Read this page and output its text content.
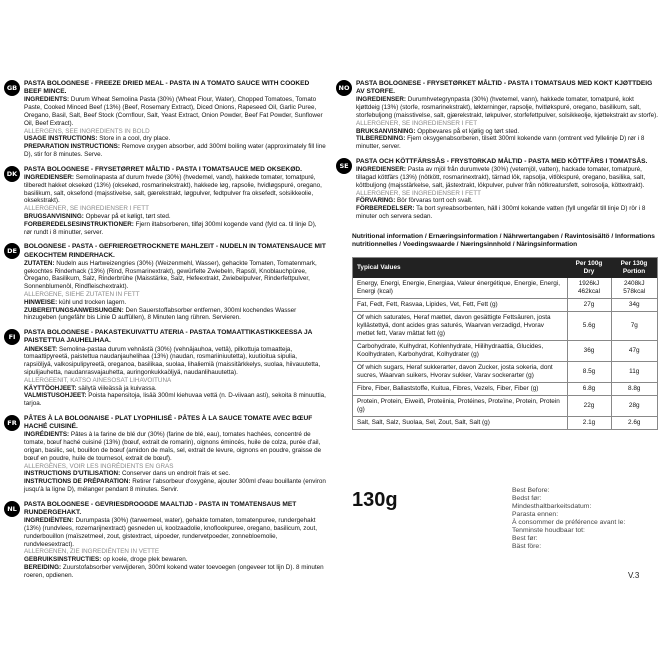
GB
PASTA BOLOGNESE - FREEZE DRIED MEAL - PASTA IN A TOMATO SAUCE WITH COOKED BEEF MINCE.
INGREDIENTS: Durum Wheat Semolina Pasta (30%) (Wheat Flour, Water), Chopped Tomatoes, Tomato Paste, Cooked Minced Beef (13%) (Beef, Rosemary Extract), Diced Onions, Rapeseed Oil, Garlic Puree, Oregano, Basil, Salt, Beef Stock (Cornflour, Salt, Yeast Extract, Onion Powder, Beef Fat Powder, Sunflower Oil, Beef Extract).
ALLERGENS, SEE INGREDIENTS IN BOLD
USAGE INSTRUCTIONS: Store in a cool, dry place.
PREPARATION INSTRUCTIONS: Remove oxygen absorber, add 300ml boiling water (approximately fill line D), stir for 8 minutes. Serve.
DK
PASTA BOLOGNESE - FRYSETØRRET MÅLTID - PASTA I TOMATSAUCE MED OKSEKØD.
INGREDIENSER: Semolinapasta af durum hvede (30%) (hvedemel, vand), hakkede tomater, tomatpuré, tilberedt hakket oksekød (13%) (oksekød, rosmarinekstrakt), hakkede løg, rapsolie, hvidløgspuré, oregano, basilikum, salt, oksefond (majsstivelse, salt, gærekstrakt, løgpulver, fedtpulver fra oksefedt, solsikkeolie, oksekstrakt).
ALLERGENER, SE INGREDIENSER I FETT
BRUGSANVISNING: Opbevar på et køligt, tørt sted.
FORBEREDELSESINSTRUKTIONER: Fjern iltabsorberen, tilføj 300ml kogende vand (fyld ca. til linje D), rør rundt i 8 minutter, server.
DE
BOLOGNESE - PASTA - GEFRIERGETROCKNETE MAHLZEIT - NUDELN IN TOMATENSAUCE MIT GEKOCHTEM RINDERHACK.
ZUTATEN: Nudeln aus Hartweizengries (30%) (Weizenmehl, Wasser), gehackte Tomaten, Tomatenmark, gekochtes Rinderhack (13%) (Rind, Rosmarinextrakt), gewürfelte Zwiebeln, Rapsöl, Knoblauchpüree, Oregano, Basilikum, Salz, Rinderbrühe (Maisstärke, Salz, Hefeextrakt, Zwiebelpulver, Rinderfettpulver, Sonnenblumenöl, Rindfleischextrakt).
ALLERGENE, SIEHE ZUTATEN IN FETT
HINWEISE: kühl und trocken lagern.
ZUBEREITUNGSANWEISUNGEN: Den Sauerstoffabsorber entfernen, 300ml kochendes Wasser hinzugeben (ungefähr bis Linie D auffüllen), 8 Minuten lang rühren. Servieren.
FI
PASTA BOLOGNESE - PAKASTEKUIVATTU ATERIA - PASTAA TOMAATTIKASTIKKEESSA JA PAISTETTUA JAUHELIHAA.
AINEKSET: Semolina-pastaa durum vehnästä (30%) (vehnäjauhoa, vettä), pilkottuja tomaatteja, tomaattipyreetä, paistettua naudanjauhelihaa (13%) (naudan, rosmariiniuutetta), kuutioitua sipulia, rapsiöljyä, valkosipulipyreetä, oreganoa, basilikaa, suolaa, lihaliemiä (maissitärkkelys, suolaa, hiivauutetta, sipulijauhetta, naudanrasvajauhetta, auringonkukkaöljyä, naudanlihauutetta).
ALLERGEENIT, KATSO AINESOSAT LIHAVOITUNA
KÄYTTÖOHJEET: säilytä viileässä ja kuivassa.
VALMISTUSOHJEET: Poista hapensitoja, lisää 300ml kiehuvaa vettä (n. D-viivaan asti), sekoita 8 minuuttia, tarjoa.
FR
PÂTES À LA BOLOGNAISE - PLAT LYOPHILISÉ - PÂTES À LA SAUCE TOMATE AVEC BŒUF HACHÉ CUISINÉ.
INGRÉDIENTS: Pâtes à la farine de blé dur (30%) (farine de blé, eau), tomates hachées, concentré de tomate, bœuf haché cuisiné (13%) (bœuf, extrait de romarin), oignons émincés, huile de colza, purée d'ail, origan, basilic, sel, bouillon de bœuf (amidon de maïs, sel, extrait de levure, oignons en poudre, graisse de bœuf en poudre, huile de tournesol, extrait de bœuf).
ALLERGÈNES, VOIR LES INGRÉDIENTS EN GRAS
INSTRUCTIONS D'UTILISATION: Conserver dans un endroit frais et sec.
INSTRUCTIONS DE PRÉPARATION: Retirer l'absorbeur d'oxygène, ajouter 300ml d'eau bouillante (environ jusqu'à la ligne D), mélanger pendant 8 minutes. Servir.
NL
PASTA BOLOGNESE - GEVRIESDROOGDE MAALTIJD - PASTA IN TOMATENSAUS MET RUNDERGEHAKT.
INGREDIËNTEN: Durumpasta (30%) (tarwemeel, water), gehakte tomaten, tomatenpuree, rundergehakt (13%) (rundvlees, rozemarijnextract) gesneden ui, koolzaadolie, knoflookpuree, oregano, basilicum, zout, runderbouillon (maïszetmeel, zout, gistextract, uipoeder, rundervetpoeder, zonnebloemolie, rundvleesextract).
ALLERGENEN, ZIE INGREDIËNTEN IN VETTE
GEBRUIKSINSTRUCTIES: op koele, droge plek bewaren.
BEREIDING: Zuurstofabsorber verwijderen, 300ml kokend water toevoegen (ongeveer tot lijn D). 8 minuten roeren, opdienen.
NO
PASTA BOLOGNESE - FRYSETØRKET MÅLTID - PASTA I TOMATSAUS MED KOKT KJØTTDEIG AV STORFE.
INGREDIENSER: Durumhvetegrynpasta (30%) (hvetemel, vann), hakkede tomater, tomatpuré, kokt kjøttdeig (13%) (storfe, rosmarinekstrakt), løkterninger, rapsolje, hvitløkspuré, oregano, basilikum, salt, storfebuljong (maisstivelse, salt, gjærekstrakt, løkpulver, storfefettpulver, solsikkeolje, kjøttekstrakt av storfe).
ALLERGENER, SE INGREDIENSER I FET
BRUKSANVISNING: Oppbevares på et kjølig og tørt sted.
TILBEREDNING: Fjern oksygenabsorberen, tilsett 300ml kokende vann (omtrent ved fyllelinje D) rør i 8 minutter, server.
SE
PASTA OCH KÖTTFÄRSSÅS - FRYSTORKAD MÅLTID - PASTA MED KÖTTFÄRS I TOMATSÅS.
INGREDIENSER: Pasta av mjöl från durumvete (30%) (vetemjöl, vatten), hackade tomater, tomatpuré, tillagad köttfärs (13%) (nötkött, rosmarinextrakt), tärnad lök, rapsolja, vitlökspuré, oregano, basilika, salt, köttbuljong (majsstärkelse, salt, jästextrakt, lökpulver, pulver från nötkreatursfett, solrosolja, köttextrakt).
ALLERGENER, SE INGREDIENSER I FETT
FÖRVARING: Bör förvaras torrt och svalt.
FÖRBEREDELSER: Ta bort syreabsorbenten, häll i 300ml kokande vatten (fyll ungefär till linje D) rör i 8 minuter och servera sedan.
Nutritional information / Ernæringsinformation / Nährwertangaben / Ravintosisältö / Informations nutritionnelles / Voedingswaarde / Næringsinnhold / Näringsinformation
Typical Values	Per 100g Dry	Per 130g Portion
Energy, Energi, Energie, Energiaa, Valeur énergétique, Energie, Energi, Energi (kcal)	1926kJ 462kcal	2408kJ 578kcal
Fat, Fedt, Fett, Rasvaa, Lipides, Vet, Fett, Fett (g)	27g	34g
Of which saturates, Heraf mættet, davon gesättigte Fettsäuren, josta kyllästettyä, dont acides gras saturés, Waarvan verzadigd, Hvorav mettet fett, Varav mättat fett (g)	5.6g	7g
Carbohydrate, Kulhydrat, Kohlenhydrate, Hiilihydraattia, Glucides, Koolhydraten, Karbohydrat, Kolhydrater (g)	36g	47g
Of which sugars, Heraf sukkerarter, davon Zucker, josta sokeria, dont sucres, Waarvan suikers, Hvorav sukker, Varav sockerarter (g)	8.5g	11g
Fibre, Fiber, Ballaststoffe, Kuitua, Fibres, Vezels, Fiber, Fiber (g)	6.8g	8.8g
Protein, Protein, Eiweiß, Proteiinia, Protéines, Proteïne, Protein, Protein (g)	22g	28g
Salt, Salt, Salz, Suolaa, Sel, Zout, Salt, Salt (g)	2.1g	2.6g
130g	Best Before:
Bedst før:
Mindesthaltbarkeitsdatum:
Parasta ennen:
À consommer de préférence avant le:
Tenminste houdbaar tot:
Best før:
Bäst före:
V.3
